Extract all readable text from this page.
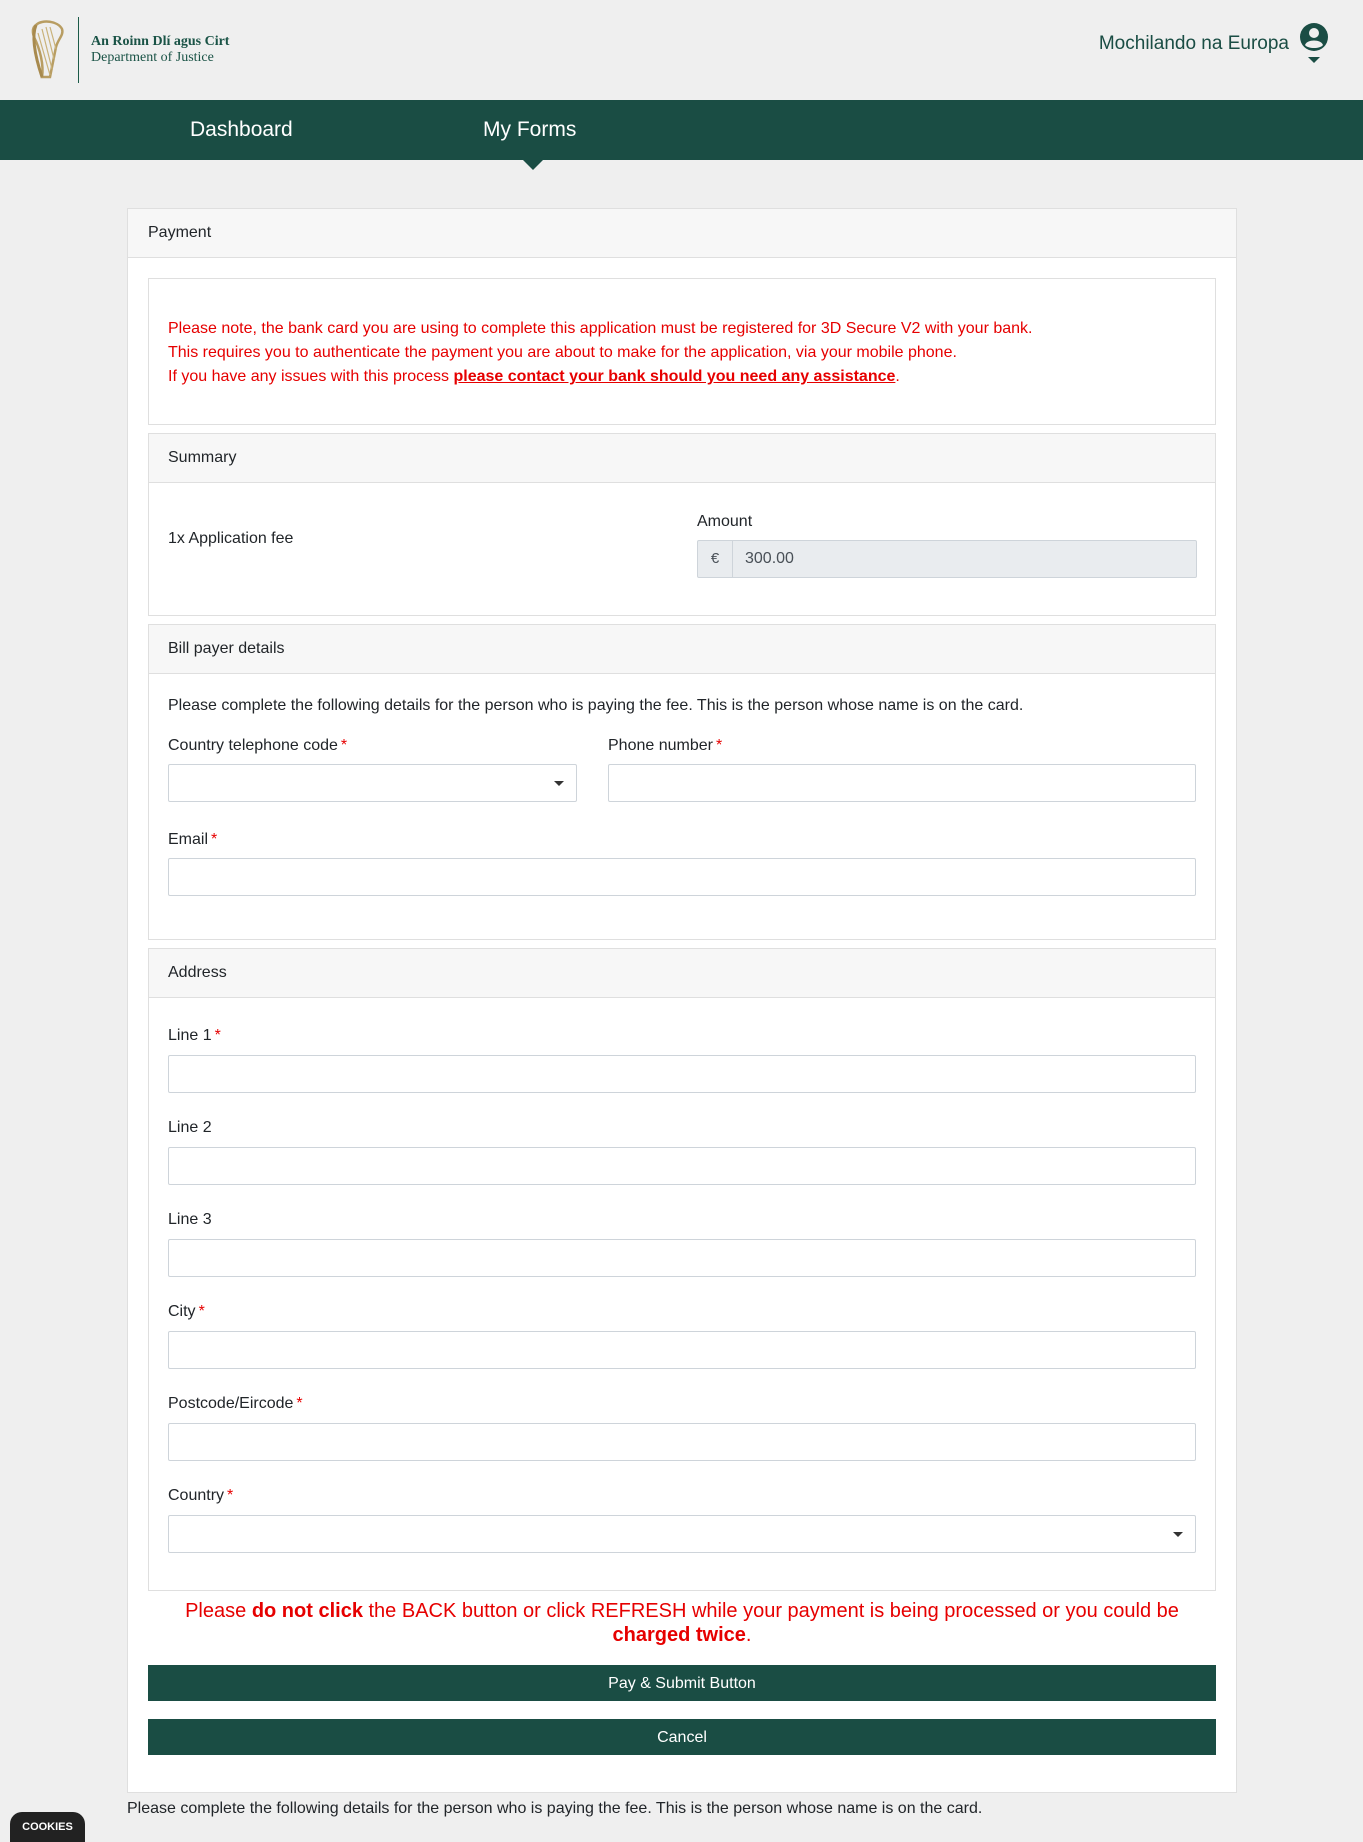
An Roinn Dlí agus Cirt
Department of Justice
Mochilando na Europa
Dashboard	My Forms
Payment
Please note, the bank card you are using to complete this application must be registered for 3D Secure V2 with your bank.
This requires you to authenticate the payment you are about to make for the application, via your mobile phone.
If you have any issues with this process please contact your bank should you need any assistance.
Summary
1x Application fee
Amount
€	300.00
Bill payer details
Please complete the following details for the person who is paying the fee. This is the person whose name is on the card.
Country telephone code *	Phone number *
Email *
Address
Line 1 *
Line 2
Line 3
City *
Postcode/Eircode *
Country *
Please do not click the BACK button or click REFRESH while your payment is being processed or you could be charged twice.
Pay & Submit Button
Cancel
Please complete the following details for the person who is paying the fee. This is the person whose name is on the card.
COOKIES
